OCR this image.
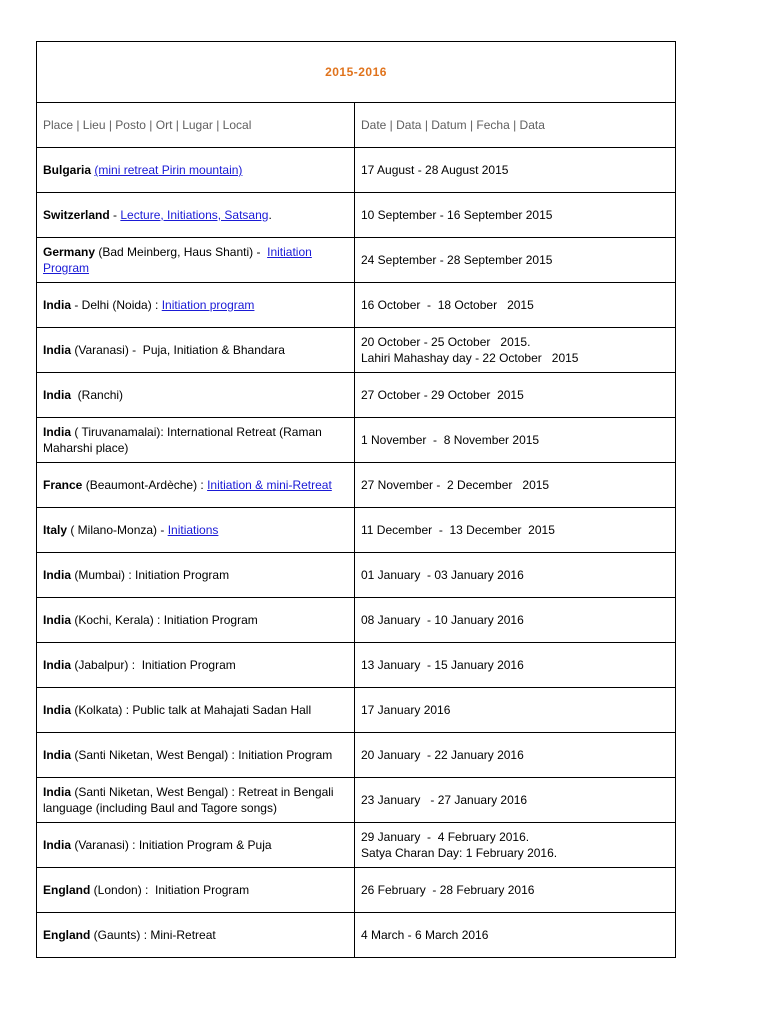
2015-2016	
Place | Lieu | Posto | Ort | Lugar | Local	Date | Data | Datum | Fecha | Data
Bulgaria (mini retreat Pirin mountain)	17 August - 28 August 2015

Switzerland - Lecture, Initiations, Satsang.	10 September - 16 September 2015

Germany (Bad Meinberg, Haus Shanti) -  Initiation Program	24 September - 28 September 2015

India - Delhi (Noida) : Initiation program	16 October  -  18 October   2015

India (Varanasi) -  Puja, Initiation & Bhandara	20 October - 25 October   2015.
Lahiri Mahashay day - 22 October   2015

India  (Ranchi)	27 October - 29 October  2015

India ( Tiruvanamalai): International Retreat (Raman Maharshi place)	1 November  -  8 November 2015

France (Beaumont-Ardèche) : Initiation & mini-Retreat	27 November -  2 December   2015

Italy ( Milano-Monza) - Initiations	11 December  -  13 December  2015

India (Mumbai) : Initiation Program	01 January  - 03 January 2016

India (Kochi, Kerala) : Initiation Program	08 January  - 10 January 2016

India (Jabalpur) :  Initiation Program	13 January  - 15 January 2016

India (Kolkata) : Public talk at Mahajati Sadan Hall	17 January 2016

India (Santi Niketan, West Bengal) : Initiation Program	20 January  - 22 January 2016

India (Santi Niketan, West Bengal) : Retreat in Bengali language (including Baul and Tagore songs)	23 January   - 27 January 2016

India (Varanasi) : Initiation Program & Puja	29 January  -  4 February 2016.
Satya Charan Day: 1 February 2016.

England (London) :  Initiation Program	26 February  - 28 February 2016

England (Gaunts) : Mini-Retreat	4 March - 6 March 2016
